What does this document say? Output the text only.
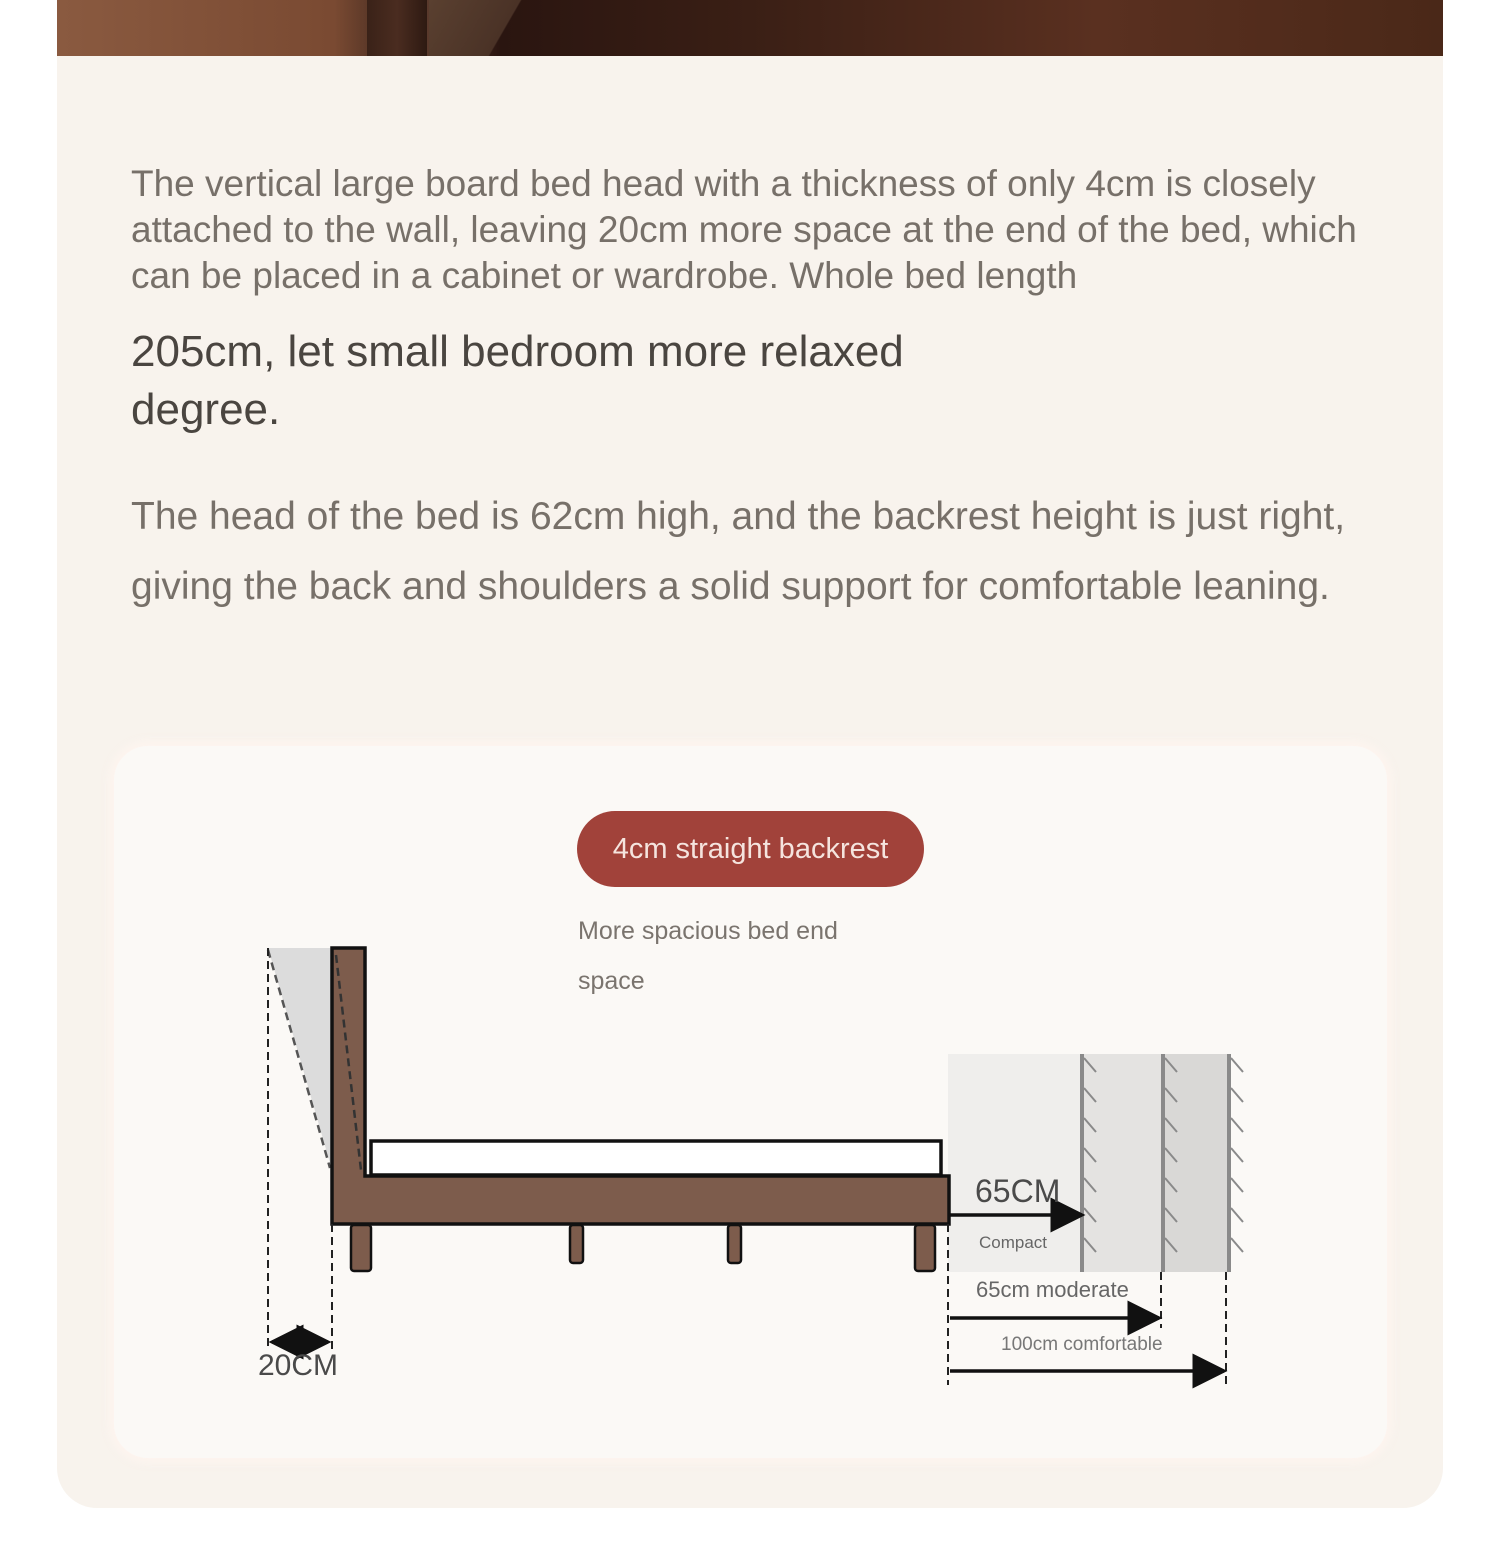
The vertical large board bed head with a thickness of only 4cm is closely attached to the wall, leaving 20cm more space at the end of the bed, which can be placed in a cabinet or wardrobe. Whole bed length

205cm, let small bedroom more relaxed degree.

The head of the bed is 62cm high, and the backrest height is just right, giving the back and shoulders a solid support for comfortable leaning.

4cm straight backrest
More spacious bed end space
20CM
65CM
Compact
65cm moderate
100cm comfortable
